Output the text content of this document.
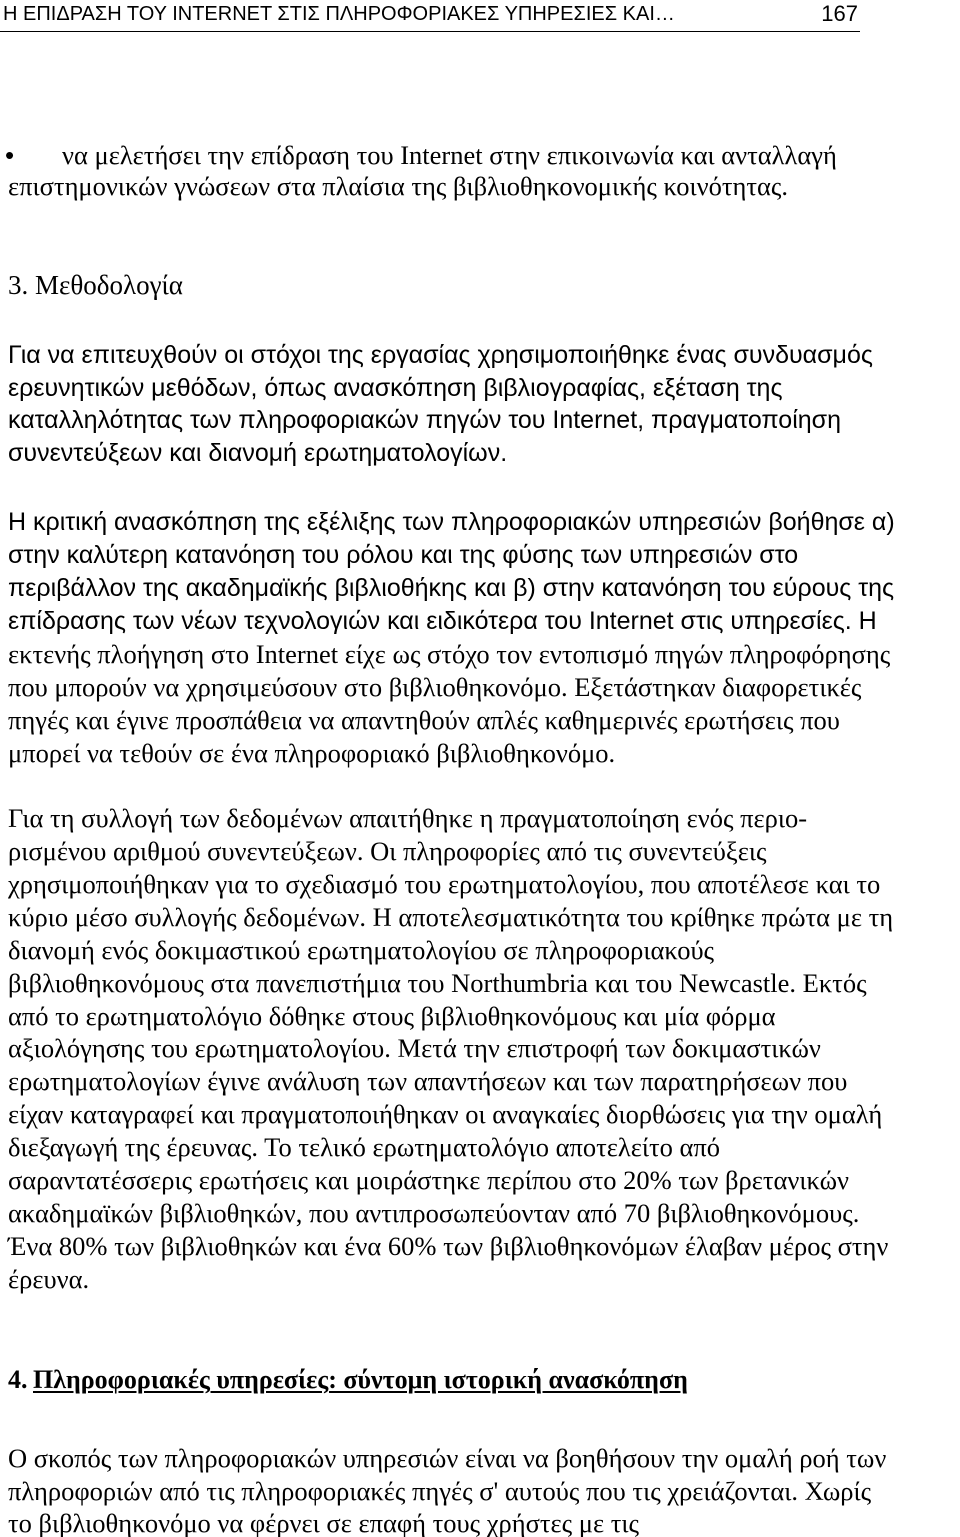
Η ΕΠΙΔΡΑΣΗ ΤΟΥ INTERNET ΣΤΙΣ ΠΛΗΡΟΦΟΡΙΑΚΕΣ ΥΠΗΡΕΣΙΕΣ ΚΑΙ…	167
• να μελετήσει την επίδραση του Internet στην επικοινωνία και ανταλλαγή
επιστημονικών γνώσεων στα πλαίσια της βιβλιοθηκονομικής κοινότητας.
3. Μεθοδολογία
Για να επιτευχθούν οι στόχοι της εργασίας χρησιμοποιήθηκε ένας συνδυασμός
ερευνητικών μεθόδων, όπως ανασκόπηση βιβλιογραφίας, εξέταση της
καταλληλότητας των πληροφοριακών πηγών του Internet, πραγματοποίηση
συνεντεύξεων και διανομή ερωτηματολογίων.
Η κριτική ανασκόπηση της εξέλιξης των πληροφοριακών υπηρεσιών βοήθησε α)
στην καλύτερη κατανόηση του ρόλου και της φύσης των υπηρεσιών στο
περιβάλλον της ακαδημαϊκής βιβλιοθήκης και β) στην κατανόηση του εύρους της
επίδρασης των νέων τεχνολογιών και ειδικότερα του Internet στις υπηρεσίες. Η
εκτενής πλοήγηση στο Internet είχε ως στόχο τον εντοπισμό πηγών πληροφόρησης
που μπορούν να χρησιμεύσουν στο βιβλιοθηκονόμο. Εξετάστηκαν διαφορετικές
πηγές και έγινε προσπάθεια να απαντηθούν απλές καθημερινές ερωτήσεις που
μπορεί να τεθούν σε ένα πληροφοριακό βιβλιοθηκονόμο.
Για τη συλλογή των δεδομένων απαιτήθηκε η πραγματοποίηση ενός περιο-
ρισμένου αριθμού συνεντεύξεων. Οι πληροφορίες από τις συνεντεύξεις
χρησιμοποιήθηκαν για το σχεδιασμό του ερωτηματολογίου, που αποτέλεσε και το
κύριο μέσο συλλογής δεδομένων. Η αποτελεσματικότητα του κρίθηκε πρώτα με τη
διανομή ενός δοκιμαστικού ερωτηματολογίου σε πληροφοριακούς
βιβλιοθηκονόμους στα πανεπιστήμια του Northumbria και του Newcastle. Εκτός
από το ερωτηματολόγιο δόθηκε στους βιβλιοθηκονόμους και μία φόρμα
αξιολόγησης του ερωτηματολογίου. Μετά την επιστροφή των δοκιμαστικών
ερωτηματολογίων έγινε ανάλυση των απαντήσεων και των παρατηρήσεων που
είχαν καταγραφεί και πραγματοποιήθηκαν οι αναγκαίες διορθώσεις για την ομαλή
διεξαγωγή της έρευνας. Το τελικό ερωτηματολόγιο αποτελείτο από
σαραντατέσσερις ερωτήσεις και μοιράστηκε περίπου στο 20% των βρετανικών
ακαδημαϊκών βιβλιοθηκών, που αντιπροσωπεύονταν από 70 βιβλιοθηκονόμους.
Ένα 80% των βιβλιοθηκών και ένα 60% των βιβλιοθηκονόμων έλαβαν μέρος στην
έρευνα.
4. Πληροφοριακές υπηρεσίες: σύντομη ιστορική ανασκόπηση
Ο σκοπός των πληροφοριακών υπηρεσιών είναι να βοηθήσουν την ομαλή ροή των
πληροφοριών από τις πληροφοριακές πηγές σ' αυτούς που τις χρειάζονται. Χωρίς
το βιβλιοθηκονόμο να φέρνει σε επαφή τους χρήστες με τις
